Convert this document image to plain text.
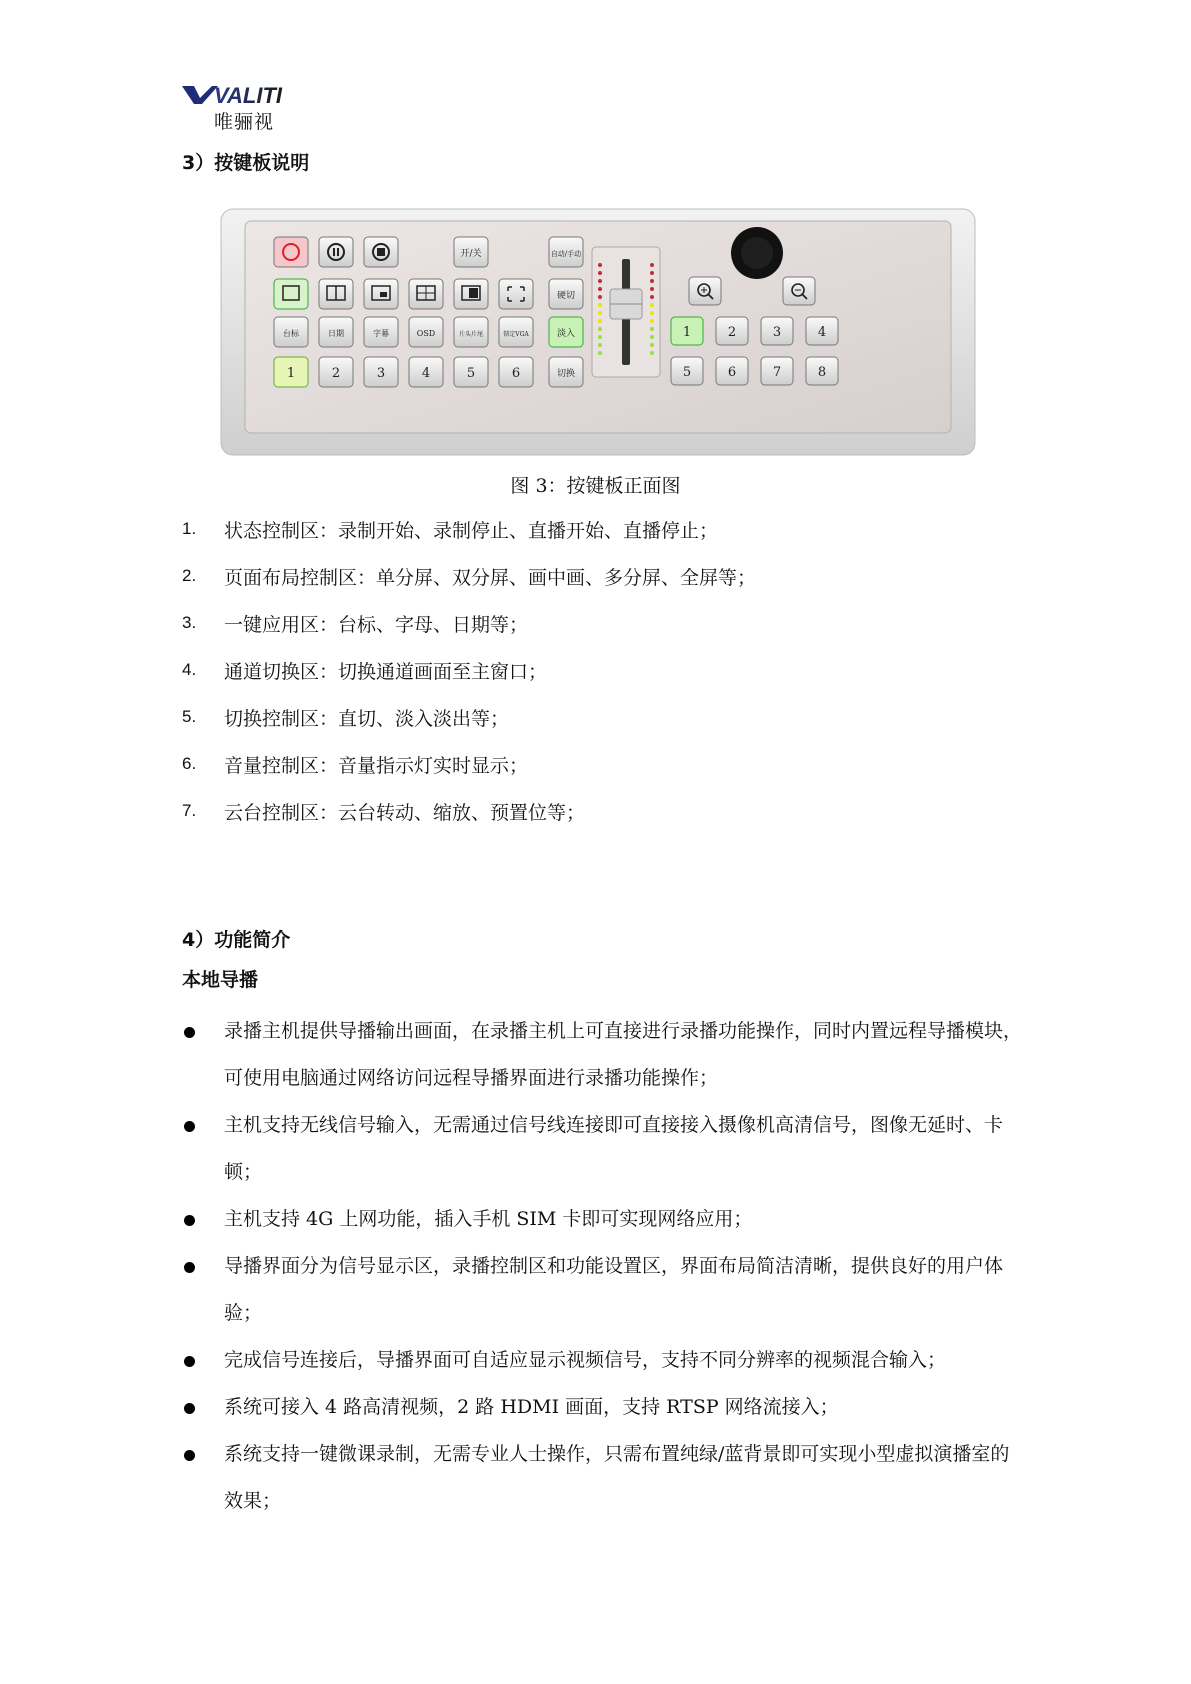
VALITI
唯骊视
3）按键板说明
开/关	自动/手动
硬切
台标	日期	字幕	OSD	片头片尾	锁定VGA	淡入
1	2	3	4	5	6	切换
1	2	3	4
5	6	7	8
图 3：按键板正面图
1.	状态控制区：录制开始、录制停止、直播开始、直播停止；
2.	页面布局控制区：单分屏、双分屏、画中画、多分屏、全屏等；
3.	一键应用区：台标、字母、日期等；
4.	通道切换区：切换通道画面至主窗口；
5.	切换控制区：直切、淡入淡出等；
6.	音量控制区：音量指示灯实时显示；
7.	云台控制区：云台转动、缩放、预置位等；
4）功能简介
本地导播
录播主机提供导播输出画面，在录播主机上可直接进行录播功能操作，同时内置远程导播模块，可使用电脑通过网络访问远程导播界面进行录播功能操作；
主机支持无线信号输入，无需通过信号线连接即可直接接入摄像机高清信号，图像无延时、卡顿；
主机支持 4G 上网功能，插入手机 SIM 卡即可实现网络应用；
导播界面分为信号显示区，录播控制区和功能设置区，界面布局简洁清晰，提供良好的用户体验；
完成信号连接后，导播界面可自适应显示视频信号，支持不同分辨率的视频混合输入；
系统可接入 4 路高清视频，2 路 HDMI 画面，支持 RTSP 网络流接入；
系统支持一键微课录制，无需专业人士操作，只需布置纯绿/蓝背景即可实现小型虚拟演播室的效果；
